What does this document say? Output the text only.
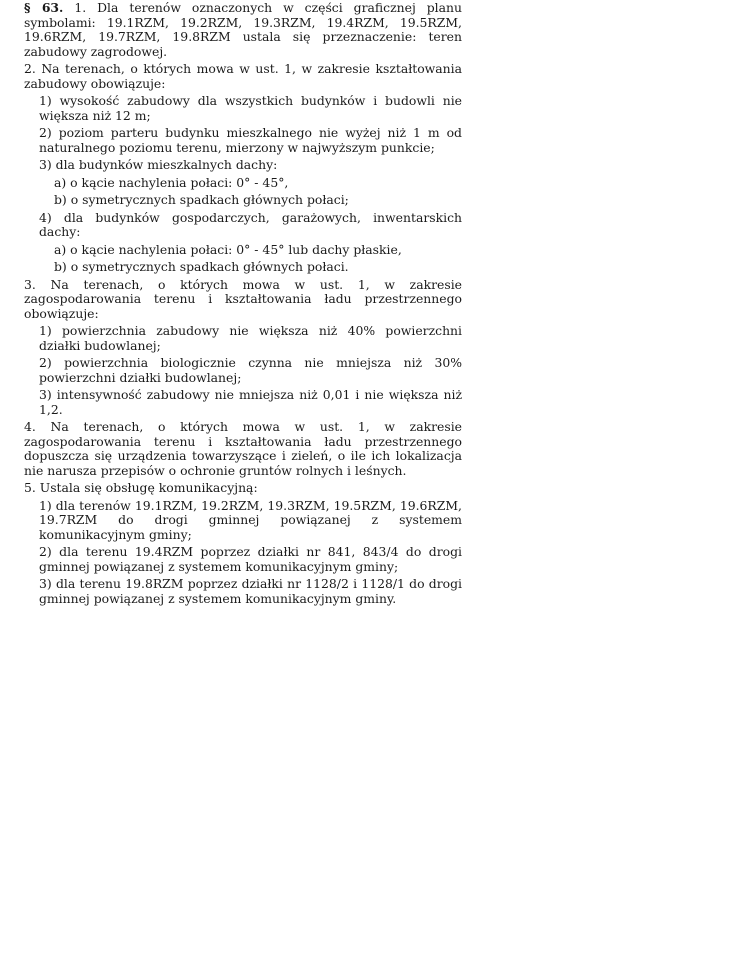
§ 63. 1. Dla terenów oznaczonych w części graficznej planu symbolami: 19.1RZM, 19.2RZM, 19.3RZM, 19.4RZM, 19.5RZM, 19.6RZM, 19.7RZM, 19.8RZM ustala się przeznaczenie: teren zabudowy zagrodowej.

2. Na terenach, o których mowa w ust. 1, w zakresie kształtowania zabudowy obowiązuje:

1) wysokość zabudowy dla wszystkich budynków i budowli nie większa niż 12 m;

2) poziom parteru budynku mieszkalnego nie wyżej niż 1 m od naturalnego poziomu terenu, mierzony w najwyższym punkcie;

3) dla budynków mieszkalnych dachy:

a) o kącie nachylenia połaci: 0° - 45°,

b) o symetrycznych spadkach głównych połaci;

4) dla budynków gospodarczych, garażowych, inwentarskich dachy:

a) o kącie nachylenia połaci: 0° - 45° lub dachy płaskie,

b) o symetrycznych spadkach głównych połaci.

3. Na terenach, o których mowa w ust. 1, w zakresie zagospodarowania terenu i kształtowania ładu przestrzennego obowiązuje:

1) powierzchnia zabudowy nie większa niż 40% powierzchni działki budowlanej;

2) powierzchnia biologicznie czynna nie mniejsza niż 30% powierzchni działki budowlanej;

3) intensywność zabudowy nie mniejsza niż 0,01 i nie większa niż 1,2.

4. Na terenach, o których mowa w ust. 1, w zakresie zagospodarowania terenu i kształtowania ładu przestrzennego dopuszcza się urządzenia towarzyszące i zieleń, o ile ich lokalizacja nie narusza przepisów o ochronie gruntów rolnych i leśnych.

5. Ustala się obsługę komunikacyjną:

1) dla terenów 19.1RZM, 19.2RZM, 19.3RZM, 19.5RZM, 19.6RZM, 19.7RZM do drogi gminnej powiązanej z systemem komunikacyjnym gminy;

2) dla terenu 19.4RZM poprzez działki nr 841, 843/4 do drogi gminnej powiązanej z systemem komunikacyjnym gminy;

3) dla terenu 19.8RZM poprzez działki nr 1128/2 i 1128/1 do drogi gminnej powiązanej z systemem komunikacyjnym gminy.
